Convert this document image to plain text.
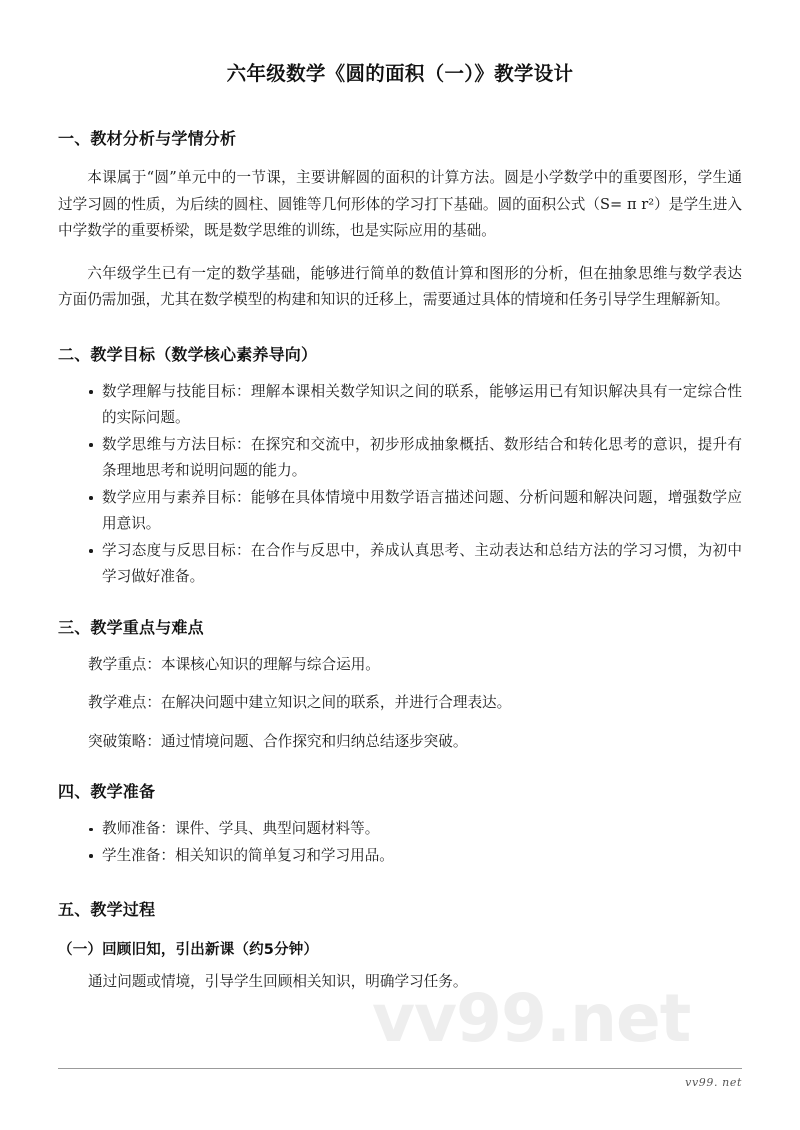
vv99.net
六年级数学《圆的面积（一）》教学设计
一、教材分析与学情分析

本课属于“圆”单元中的一节课，主要讲解圆的面积的计算方法。圆是小学数学中的重要图形，学生通过学习圆的性质，为后续的圆柱、圆锥等几何形体的学习打下基础。圆的面积公式（S= π r²）是学生进入中学数学的重要桥梁，既是数学思维的训练，也是实际应用的基础。

六年级学生已有一定的数学基础，能够进行简单的数值计算和图形的分析，但在抽象思维与数学表达方面仍需加强，尤其在数学模型的构建和知识的迁移上，需要通过具体的情境和任务引导学生理解新知。

二、教学目标（数学核心素养导向）
数学理解与技能目标：理解本课相关数学知识之间的联系，能够运用已有知识解决具有一定综合性的实际问题。
数学思维与方法目标：在探究和交流中，初步形成抽象概括、数形结合和转化思考的意识，提升有条理地思考和说明问题的能力。
数学应用与素养目标：能够在具体情境中用数学语言描述问题、分析问题和解决问题，增强数学应用意识。
学习态度与反思目标：在合作与反思中，养成认真思考、主动表达和总结方法的学习习惯，为初中学习做好准备。
三、教学重点与难点

教学重点：本课核心知识的理解与综合运用。

教学难点：在解决问题中建立知识之间的联系，并进行合理表达。

突破策略：通过情境问题、合作探究和归纳总结逐步突破。

四、教学准备
教师准备：课件、学具、典型问题材料等。
学生准备：相关知识的简单复习和学习用品。
五、教学过程
（一）回顾旧知，引出新课（约5分钟）

通过问题或情境，引导学生回顾相关知识，明确学习任务。

vv99. net
